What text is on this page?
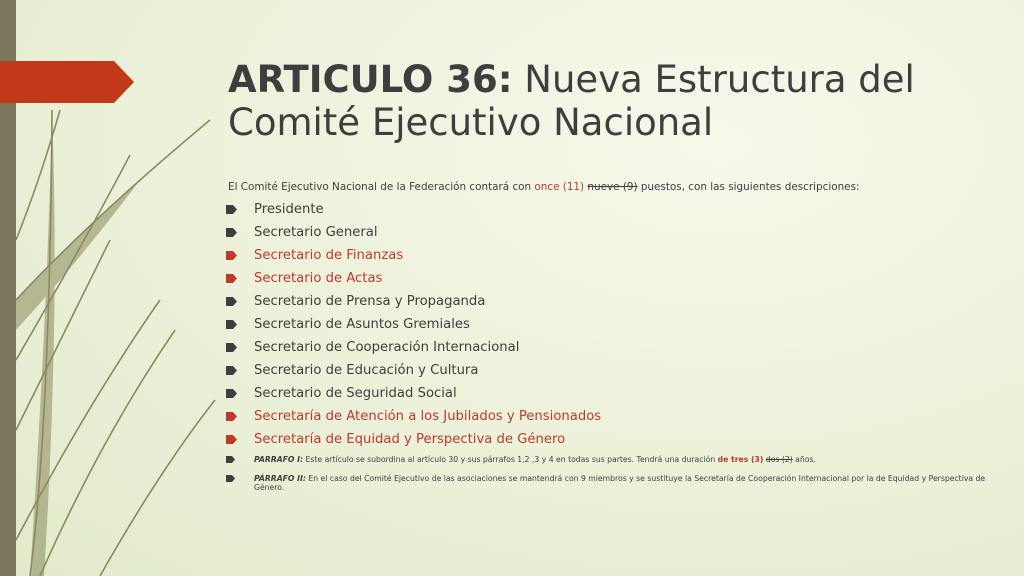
ARTICULO 36: Nueva Estructura del Comité Ejecutivo Nacional
El Comité Ejecutivo Nacional de la Federación contará con once (11) nueve (9) puestos, con las siguientes descripciones:
Presidente
Secretario General
Secretario de Finanzas
Secretario de Actas
Secretario de Prensa y Propaganda
Secretario de Asuntos Gremiales
Secretario de Cooperación Internacional
Secretario de Educación y Cultura
Secretario de Seguridad Social
Secretaría de Atención a los Jubilados y Pensionados
Secretaría de Equidad y Perspectiva de Género
PARRAFO I: Este artículo se subordina al artículo 30 y sus párrafos 1,2 ,3 y 4 en todas sus partes. Tendrá una duración de tres (3) dos (2) años.
PÁRRAFO II: En el caso del Comité Ejecutivo de las asociaciones se mantendrá con 9 miembros y se sustituye la Secretaría de Cooperación Internacional por la de Equidad y Perspectiva de Género.
